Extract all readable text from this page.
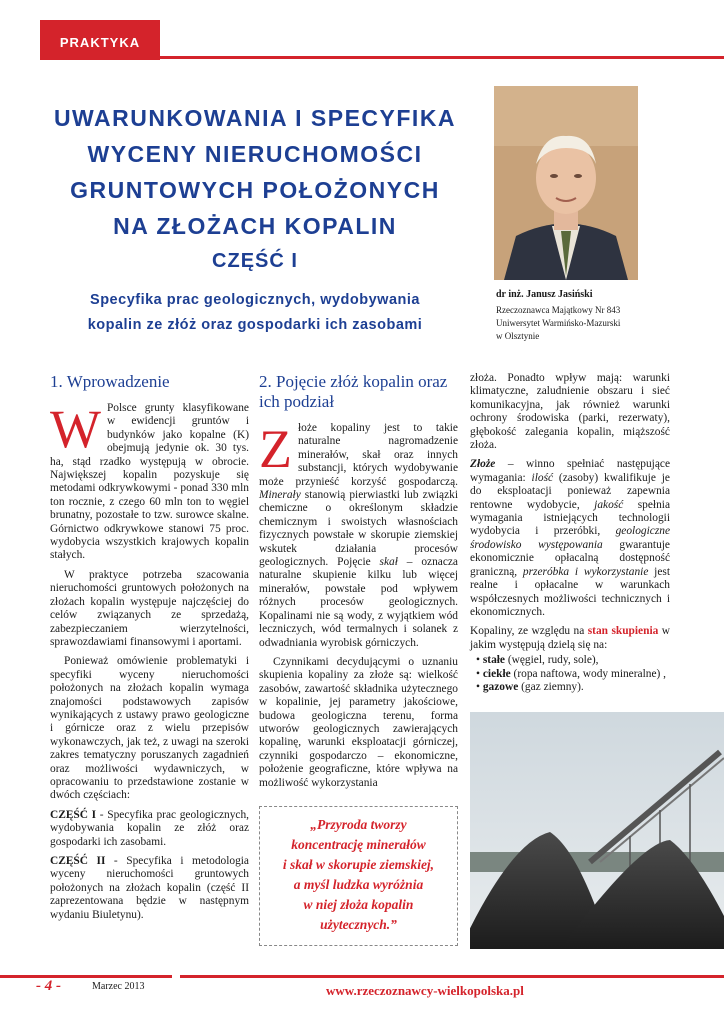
PRAKTYKA
UWARUNKOWANIA I SPECYFIKA
WYCENY NIERUCHOMOŚCI
GRUNTOWYCH POŁOŻONYCH
NA ZŁOŻACH KOPALIN
CZĘŚĆ I
Specyfika prac geologicznych, wydobywania
kopalin ze złóż oraz gospodarki ich zasobami
dr inż. Janusz Jasiński
Rzeczoznawca Majątkowy Nr 843
Uniwersytet Warmińsko-Mazurski
w Olsztynie
1. Wprowadzenie

W Polsce grunty klasyfikowane w ewidencji gruntów i budynków jako kopalne (K) obejmują jedynie ok. 30 tys. ha, stąd rzadko występują w obrocie. Największej kopalin pozyskuje się metodami odkrywkowymi - ponad 330 mln ton rocznie, z czego 60 mln ton to węgiel brunatny, pozostałe to tzw. surowce skalne. Górnictwo odkrywkowe stanowi 75 proc. wydobycia wszystkich krajowych kopalin stałych.

W praktyce potrzeba szacowania nieruchomości gruntowych położonych na złożach kopalin występuje najczęściej do celów związanych ze sprzedażą, zabezpieczaniem wierzytelności, sprawozdawiami finansowymi i aportami.

Ponieważ omówienie problematyki i specyfiki wyceny nieruchomości położonych na złożach kopalin wymaga znajomości podstawowych zapisów wynikających z ustawy prawo geologiczne i górnicze oraz z wielu przepisów wykonawczych, jak też, z uwagi na szeroki zakres tematyczny poruszanych zagadnień oraz możliwości wydawniczych, w opracowaniu to przedstawione zostanie w dwóch częściach:

CZĘŚĆ I - Specyfika prac geologicznych, wydobywania kopalin ze złóż oraz gospodarki ich zasobami.

CZĘŚĆ II - Specyfika i metodologia wyceny nieruchomości gruntowych położonych na złożach kopalin (część II zaprezentowana będzie w następnym wydaniu Biuletynu).

2. Pojęcie złóż kopalin oraz ich podział

Złoże kopaliny jest to takie naturalne nagromadzenie minerałów, skał oraz innych substancji, których wydobywanie może przynieść korzyść gospodarczą. Minerały stanowią pierwiastki lub związki chemiczne o określonym składzie chemicznym i swoistych własnościach fizycznych powstałe w skorupie ziemskiej wskutek działania procesów geologicznych. Pojęcie skał – oznacza naturalne skupienie kilku lub więcej minerałów, powstałe pod wpływem różnych procesów geologicznych. Kopalinami nie są wody, z wyjątkiem wód leczniczych, wód termalnych i solanek z odwadniania wyrobisk górniczych.

Czynnikami decydującymi o uznaniu skupienia kopaliny za złoże są: wielkość zasobów, zawartość składnika użytecznego w kopalinie, jej parametry jakościowe, budowa geologiczna terenu, forma utworów geologicznych zawierających kopalinę, warunki eksploatacji górniczej, czynniki gospodarczo – ekonomiczne, położenie geograficzne, które wpływa na możliwość wykorzystania

„Przyroda tworzy
koncentrację minerałów
i skał w skorupie ziemskiej,
a myśl ludzka wyróżnia
w niej złoża kopalin
użytecznych.”

złoża. Ponadto wpływ mają: warunki klimatyczne, zaludnienie obszaru i sieć komunikacyjna, jak również warunki ochrony środowiska (parki, rezerwaty), głębokość zalegania kopalin, miąższość złoża.

Złoże – winno spełniać następujące wymagania: ilość (zasoby) kwalifikuje je do eksploatacji ponieważ zapewnia rentowne wydobycie, jakość spełnia wymagania istniejących technologii wydobycia i przeróbki, geologiczne środowisko występowania gwarantuje ekonomicznie opłacalną dostępność graniczną, przeróbka i wykorzystanie jest realne i opłacalne w warunkach współczesnych możliwości technicznych i ekonomicznych.

Kopaliny, ze względu na stan skupienia w jakim występują dzielą się na:

• stałe (węgiel, rudy, sole),
• ciekłe (ropa naftowa, wody mineralne) ,
• gazowe (gaz ziemny).
- 4 -	Marzec 2013	www.rzeczoznawcy-wielkopolska.pl
